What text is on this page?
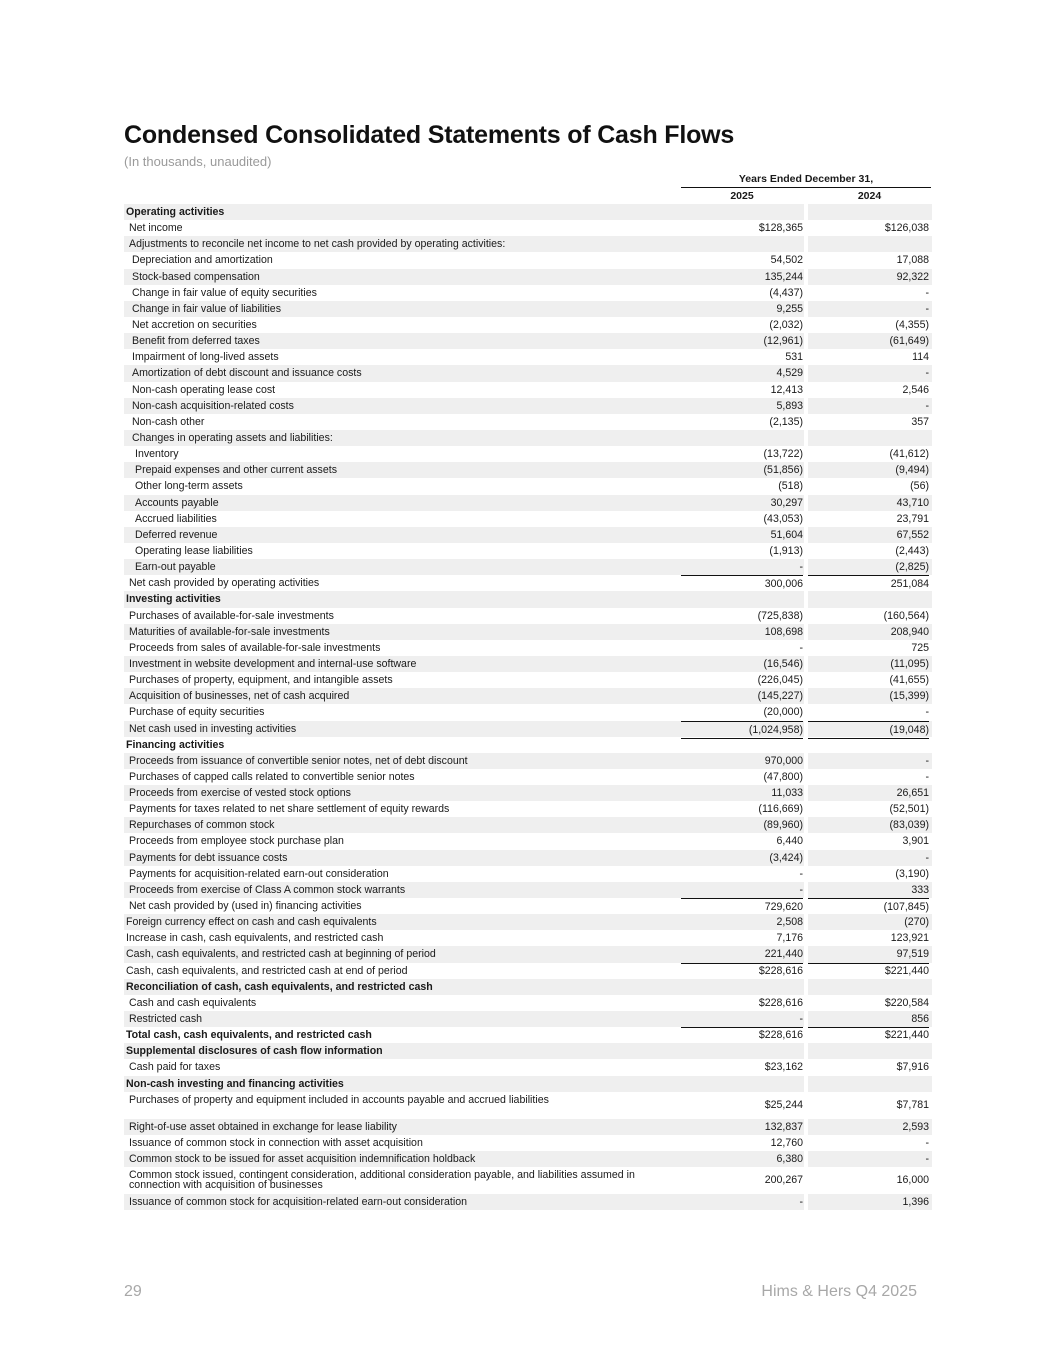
Condensed Consolidated Statements of Cash Flows
(In thousands, unaudited)
Years Ended December 31,
2025	2024
Operating activities
Net income	$128,365	$126,038
Adjustments to reconcile net income to net cash provided by operating activities:
Depreciation and amortization	54,502	17,088
Stock-based compensation	135,244	92,322
Change in fair value of equity securities	(4,437)	-
Change in fair value of liabilities	9,255	-
Net accretion on securities	(2,032)	(4,355)
Benefit from deferred taxes	(12,961)	(61,649)
Impairment of long-lived assets	531	114
Amortization of debt discount and issuance costs	4,529	-
Non-cash operating lease cost	12,413	2,546
Non-cash acquisition-related costs	5,893	-
Non-cash other	(2,135)	357
Changes in operating assets and liabilities:
Inventory	(13,722)	(41,612)
Prepaid expenses and other current assets	(51,856)	(9,494)
Other long-term assets	(518)	(56)
Accounts payable	30,297	43,710
Accrued liabilities	(43,053)	23,791
Deferred revenue	51,604	67,552
Operating lease liabilities	(1,913)	(2,443)
Earn-out payable	-	(2,825)
Net cash provided by operating activities	300,006	251,084
Investing activities
Purchases of available-for-sale investments	(725,838)	(160,564)
Maturities of available-for-sale investments	108,698	208,940
Proceeds from sales of available-for-sale investments	-	725
Investment in website development and internal-use software	(16,546)	(11,095)
Purchases of property, equipment, and intangible assets	(226,045)	(41,655)
Acquisition of businesses, net of cash acquired	(145,227)	(15,399)
Purchase of equity securities	(20,000)	-
Net cash used in investing activities	(1,024,958)	(19,048)
Financing activities
Proceeds from issuance of convertible senior notes, net of debt discount	970,000	-
Purchases of capped calls related to convertible senior notes	(47,800)	-
Proceeds from exercise of vested stock options	11,033	26,651
Payments for taxes related to net share settlement of equity rewards	(116,669)	(52,501)
Repurchases of common stock	(89,960)	(83,039)
Proceeds from employee stock purchase plan	6,440	3,901
Payments for debt issuance costs	(3,424)	-
Payments for acquisition-related earn-out consideration	-	(3,190)
Proceeds from exercise of Class A common stock warrants	-	333
Net cash provided by (used in) financing activities	729,620	(107,845)
Foreign currency effect on cash and cash equivalents	2,508	(270)
Increase in cash, cash equivalents, and restricted cash	7,176	123,921
Cash, cash equivalents, and restricted cash at beginning of period	221,440	97,519
Cash, cash equivalents, and restricted cash at end of period	$228,616	$221,440
Reconciliation of cash, cash equivalents, and restricted cash
Cash and cash equivalents	$228,616	$220,584
Restricted cash	-	856
Total cash, cash equivalents, and restricted cash	$228,616	$221,440
Supplemental disclosures of cash flow information
Cash paid for taxes	$23,162	$7,916
Non-cash investing and financing activities
Purchases of property and equipment included in accounts payable and accrued liabilities	$25,244	$7,781
Right-of-use asset obtained in exchange for lease liability	132,837	2,593
Issuance of common stock in connection with asset acquisition	12,760	-
Common stock to be issued for asset acquisition indemnification holdback	6,380	-
Common stock issued, contingent consideration, additional consideration payable, and liabilities assumed in connection with acquisition of businesses	200,267	16,000
Issuance of common stock for acquisition-related earn-out consideration	-	1,396
29	Hims & Hers Q4 2025
